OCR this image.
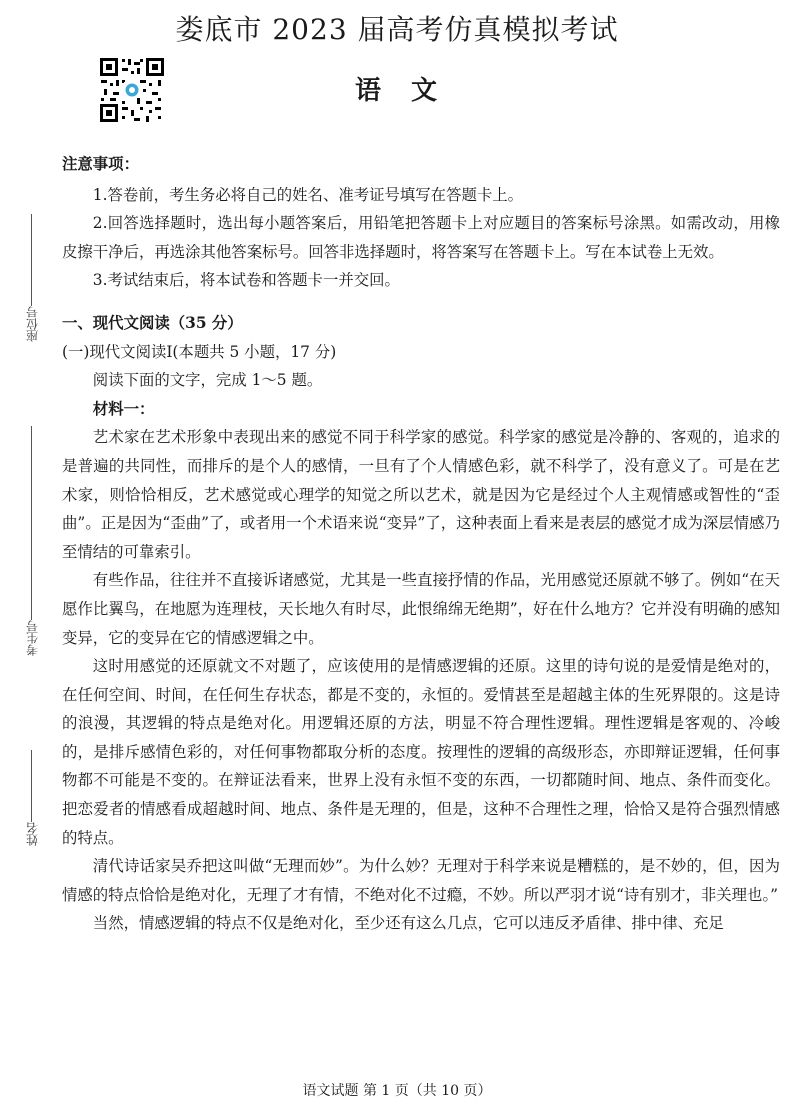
娄底市 2023 届高考仿真模拟考试
语　文
座位号
考生号
姓名

注意事项：

1.答卷前，考生务必将自己的姓名、准考证号填写在答题卡上。

2.回答选择题时，选出每小题答案后，用铅笔把答题卡上对应题目的答案标号涂黑。如需改动，用橡皮擦干净后，再选涂其他答案标号。回答非选择题时，将答案写在答题卡上。写在本试卷上无效。

3.考试结束后，将本试卷和答题卡一并交回。

一、现代文阅读（35 分）

(一)现代文阅读Ⅰ(本题共 5 小题，17 分)

阅读下面的文字，完成 1～5 题。

材料一：

艺术家在艺术形象中表现出来的感觉不同于科学家的感觉。科学家的感觉是冷静的、客观的，追求的是普遍的共同性，而排斥的是个人的感情，一旦有了个人情感色彩，就不科学了，没有意义了。可是在艺术家，则恰恰相反，艺术感觉或心理学的知觉之所以艺术，就是因为它是经过个人主观情感或智性的“歪曲”。正是因为“歪曲”了，或者用一个术语来说“变异”了，这种表面上看来是表层的感觉才成为深层情感乃至情结的可靠索引。

有些作品，往往并不直接诉诸感觉，尤其是一些直接抒情的作品，光用感觉还原就不够了。例如“在天愿作比翼鸟，在地愿为连理枝，天长地久有时尽，此恨绵绵无绝期”，好在什么地方？它并没有明确的感知变异，它的变异在它的情感逻辑之中。

这时用感觉的还原就文不对题了，应该使用的是情感逻辑的还原。这里的诗句说的是爱情是绝对的，在任何空间、时间，在任何生存状态，都是不变的，永恒的。爱情甚至是超越主体的生死界限的。这是诗的浪漫，其逻辑的特点是绝对化。用逻辑还原的方法，明显不符合理性逻辑。理性逻辑是客观的、冷峻的，是排斥感情色彩的，对任何事物都取分析的态度。按理性的逻辑的高级形态，亦即辩证逻辑，任何事物都不可能是不变的。在辩证法看来，世界上没有永恒不变的东西，一切都随时间、地点、条件而变化。把恋爱者的情感看成超越时间、地点、条件是无理的，但是，这种不合理性之理，恰恰又是符合强烈情感的特点。

清代诗话家吴乔把这叫做“无理而妙”。为什么妙？无理对于科学来说是糟糕的，是不妙的，但，因为情感的特点恰恰是绝对化，无理了才有情，不绝对化不过瘾，不妙。所以严羽才说“诗有别才，非关理也。”

当然，情感逻辑的特点不仅是绝对化，至少还有这么几点，它可以违反矛盾律、排中律、充足

语文试题 第 1 页（共 10 页）
